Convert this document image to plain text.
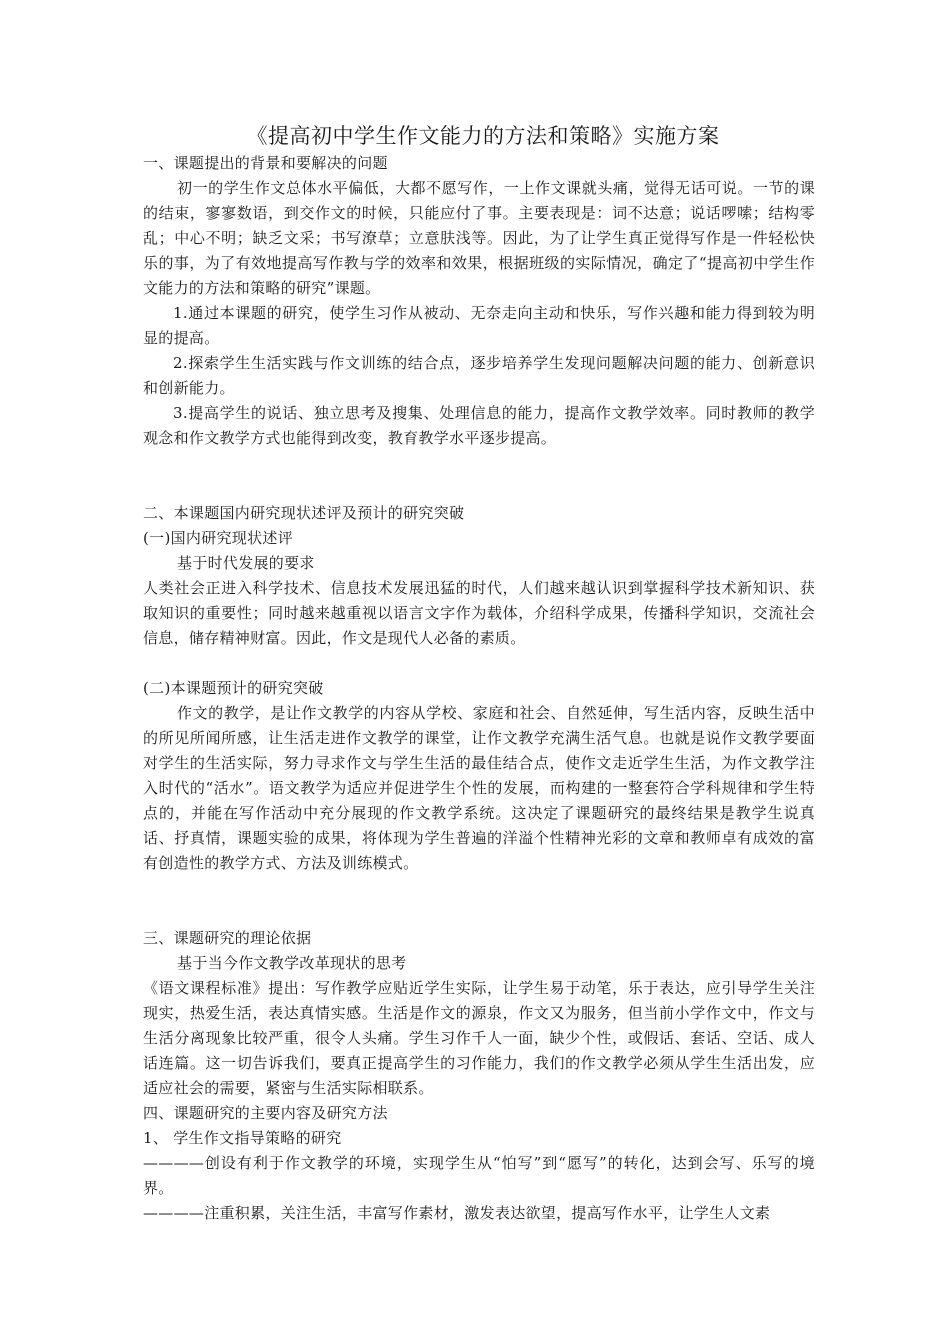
《提高初中学生作文能力的方法和策略》实施方案

一、课题提出的背景和要解决的问题

初一的学生作文总体水平偏低，大都不愿写作，一上作文课就头痛，觉得无话可说。一节的课的结束，寥寥数语，到交作文的时候，只能应付了事。主要表现是：词不达意；说话啰嗦；结构零乱；中心不明；缺乏文采；书写潦草；立意肤浅等。因此，为了让学生真正觉得写作是一件轻松快乐的事，为了有效地提高写作教与学的效率和效果，根据班级的实际情况，确定了“提高初中学生作文能力的方法和策略的研究”课题。

1.通过本课题的研究，使学生习作从被动、无奈走向主动和快乐，写作兴趣和能力得到较为明显的提高。

2.探索学生生活实践与作文训练的结合点，逐步培养学生发现问题解决问题的能力、创新意识和创新能力。

3.提高学生的说话、独立思考及搜集、处理信息的能力，提高作文教学效率。同时教师的教学观念和作文教学方式也能得到改变，教育教学水平逐步提高。

二、本课题国内研究现状述评及预计的研究突破

(一)国内研究现状述评

基于时代发展的要求

人类社会正进入科学技术、信息技术发展迅猛的时代，人们越来越认识到掌握科学技术新知识、获取知识的重要性；同时越来越重视以语言文字作为载体，介绍科学成果，传播科学知识，交流社会信息，储存精神财富。因此，作文是现代人必备的素质。

(二)本课题预计的研究突破

作文的教学，是让作文教学的内容从学校、家庭和社会、自然延伸，写生活内容，反映生活中的所见所闻所感，让生活走进作文教学的课堂，让作文教学充满生活气息。也就是说作文教学要面对学生的生活实际，努力寻求作文与学生生活的最佳结合点，使作文走近学生生活，为作文教学注入时代的“活水”。语文教学为适应并促进学生个性的发展，而构建的一整套符合学科规律和学生特点的，并能在写作活动中充分展现的作文教学系统。这决定了课题研究的最终结果是教学生说真话、抒真情，课题实验的成果，将体现为学生普遍的洋溢个性精神光彩的文章和教师卓有成效的富有创造性的教学方式、方法及训练模式。

三、课题研究的理论依据

基于当今作文教学改革现状的思考

《语文课程标准》提出：写作教学应贴近学生实际，让学生易于动笔，乐于表达，应引导学生关注现实，热爱生活，表达真情实感。生活是作文的源泉，作文又为服务，但当前小学作文中，作文与生活分离现象比较严重，很令人头痛。学生习作千人一面，缺少个性，或假话、套话、空话、成人话连篇。这一切告诉我们，要真正提高学生的习作能力，我们的作文教学必须从学生生活出发，应适应社会的需要，紧密与生活实际相联系。

四、课题研究的主要内容及研究方法

1、 学生作文指导策略的研究

————创设有利于作文教学的环境，实现学生从“怕写”到“愿写”的转化，达到会写、乐写的境界。

————注重积累，关注生活，丰富写作素材，激发表达欲望，提高写作水平，让学生人文素
